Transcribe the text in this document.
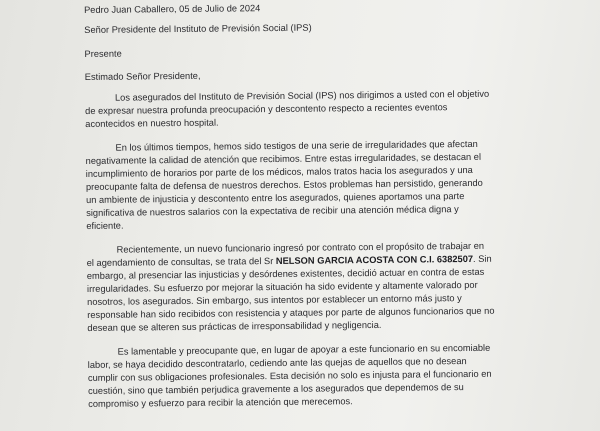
Pedro Juan Caballero, 05 de Julio de 2024
Señor Presidente del Instituto de Previsión Social (IPS)
Presente
Estimado Señor Presidente,
Los asegurados del Instituto de Previsión Social (IPS) nos dirigimos a usted con el objetivo
de expresar nuestra profunda preocupación y descontento respecto a recientes eventos
acontecidos en nuestro hospital.
En los últimos tiempos, hemos sido testigos de una serie de irregularidades que afectan
negativamente la calidad de atención que recibimos. Entre estas irregularidades, se destacan el
incumplimiento de horarios por parte de los médicos, malos tratos hacia los asegurados y una
preocupante falta de defensa de nuestros derechos. Estos problemas han persistido, generando
un ambiente de injusticia y descontento entre los asegurados, quienes aportamos una parte
significativa de nuestros salarios con la expectativa de recibir una atención médica digna y
eficiente.
Recientemente, un nuevo funcionario ingresó por contrato con el propósito de trabajar en
el agendamiento de consultas, se trata del Sr NELSON GARCIA ACOSTA CON C.I. 6382507. Sin
embargo, al presenciar las injusticias y desórdenes existentes, decidió actuar en contra de estas
irregularidades. Su esfuerzo por mejorar la situación ha sido evidente y altamente valorado por
nosotros, los asegurados. Sin embargo, sus intentos por establecer un entorno más justo y
responsable han sido recibidos con resistencia y ataques por parte de algunos funcionarios que no
desean que se alteren sus prácticas de irresponsabilidad y negligencia.
Es lamentable y preocupante que, en lugar de apoyar a este funcionario en su encomiable
labor, se haya decidido descontratarlo, cediendo ante las quejas de aquellos que no desean
cumplir con sus obligaciones profesionales. Esta decisión no solo es injusta para el funcionario en
cuestión, sino que también perjudica gravemente a los asegurados que dependemos de su
compromiso y esfuerzo para recibir la atención que merecemos.
